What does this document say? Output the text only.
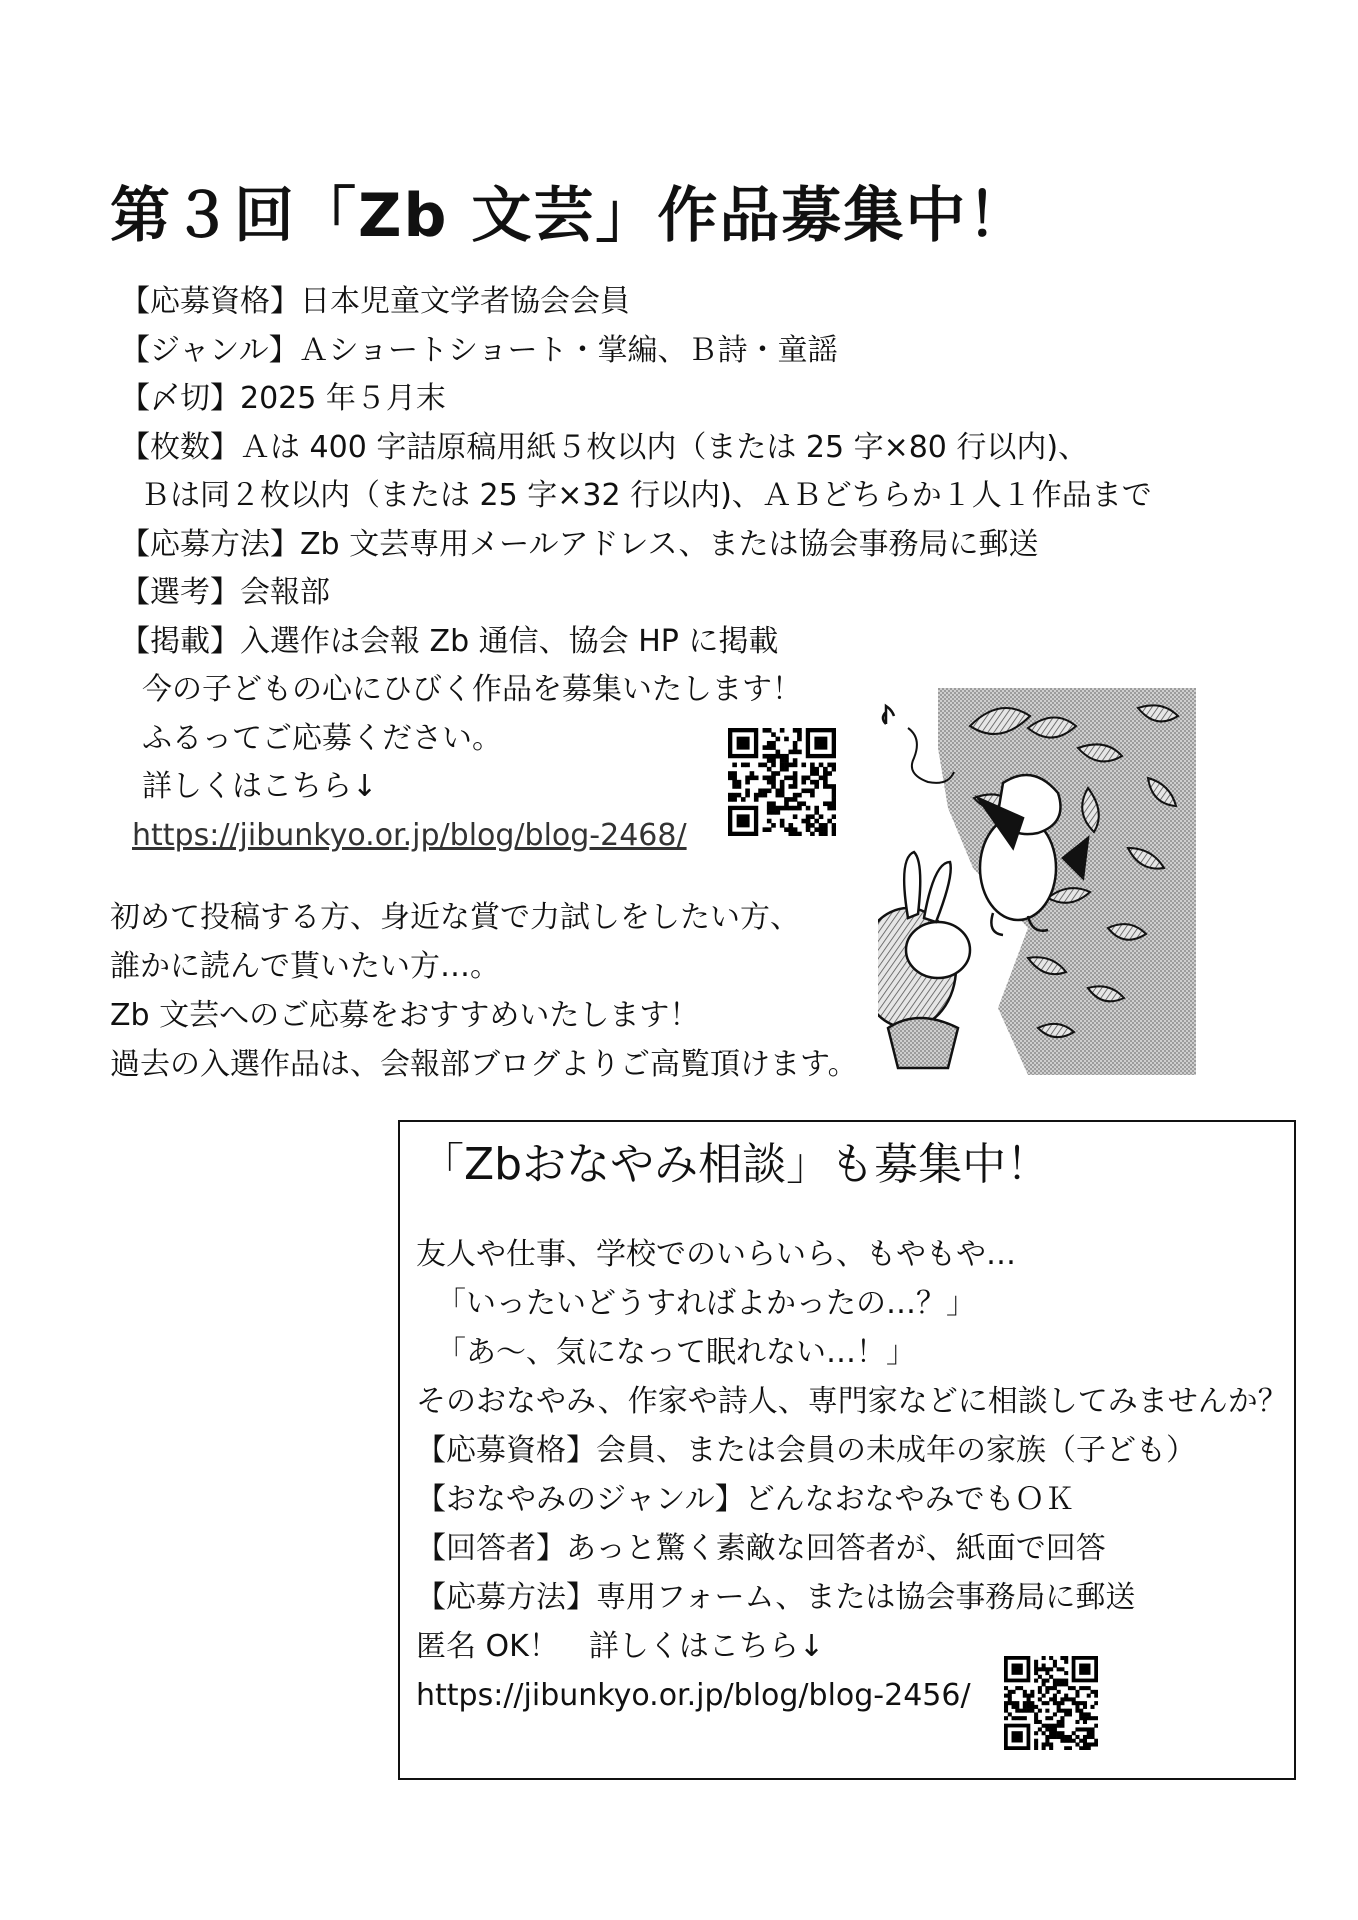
第３回「Zb 文芸」作品募集中！
【応募資格】日本児童文学者協会会員
【ジャンル】Ａショートショート・掌編、Ｂ詩・童謡
【〆切】2025 年５月末
【枚数】Ａは 400 字詰原稿用紙５枚以内（または 25 字×80 行以内)、
Ｂは同２枚以内（または 25 字×32 行以内)、ＡＢどちらか１人１作品まで
【応募方法】Zb 文芸専用メールアドレス、または協会事務局に郵送
【選考】会報部
【掲載】入選作は会報 Zb 通信、協会 HP に掲載
今の子どもの心にひびく作品を募集いたします！
ふるってご応募ください。
詳しくはこちら↓
https://jibunkyo.or.jp/blog/blog-2468/
初めて投稿する方、身近な賞で力試しをしたい方、
誰かに読んで貰いたい方…。
Zb 文芸へのご応募をおすすめいたします！
過去の入選作品は、会報部ブログよりご高覧頂けます。
「Zbおなやみ相談」も募集中！
友人や仕事、学校でのいらいら、もやもや…
「いったいどうすればよかったの…？」
「あ～、気になって眠れない…！」
そのおなやみ、作家や詩人、専門家などに相談してみませんか？
【応募資格】会員、または会員の未成年の家族（子ども）
【おなやみのジャンル】どんなおなやみでもＯＫ
【回答者】あっと驚く素敵な回答者が、紙面で回答
【応募方法】専用フォーム、または協会事務局に郵送
匿名 OK！　詳しくはこちら↓
https://jibunkyo.or.jp/blog/blog-2456/
